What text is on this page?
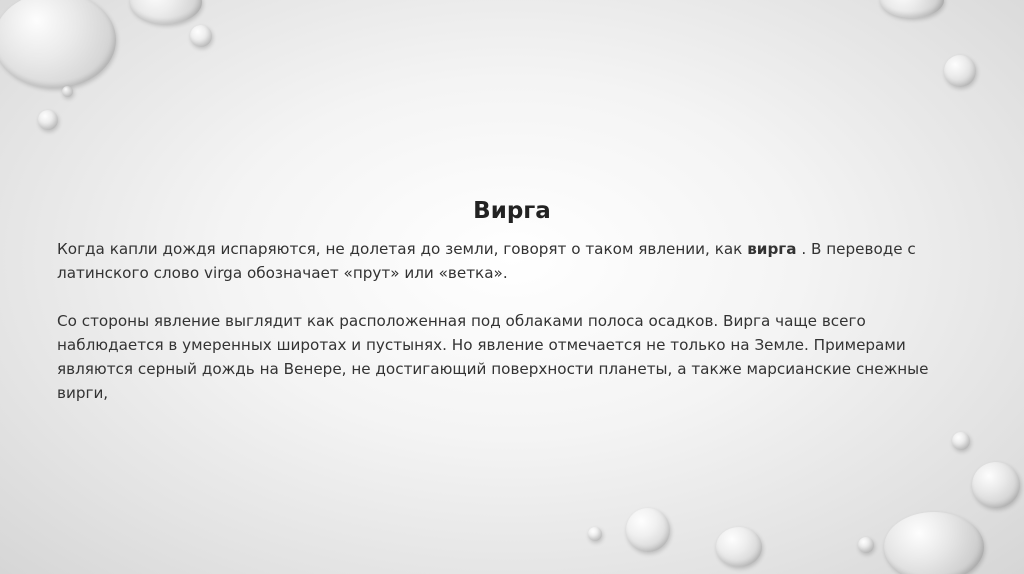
Вирга
Когда капли дождя испаряются, не долетая до земли, говорят о таком явлении, как вирга . В переводе с
латинского слово virgа обозначает «прут» или «ветка».
Со стороны явление выглядит как расположенная под облаками полоса осадков. Вирга чаще всего
наблюдается в умеренных широтах и пустынях. Но явление отмечается не только на Земле. Примерами
являются серный дождь на Венере, не достигающий поверхности планеты, а также марсианские снежные
вирги,
